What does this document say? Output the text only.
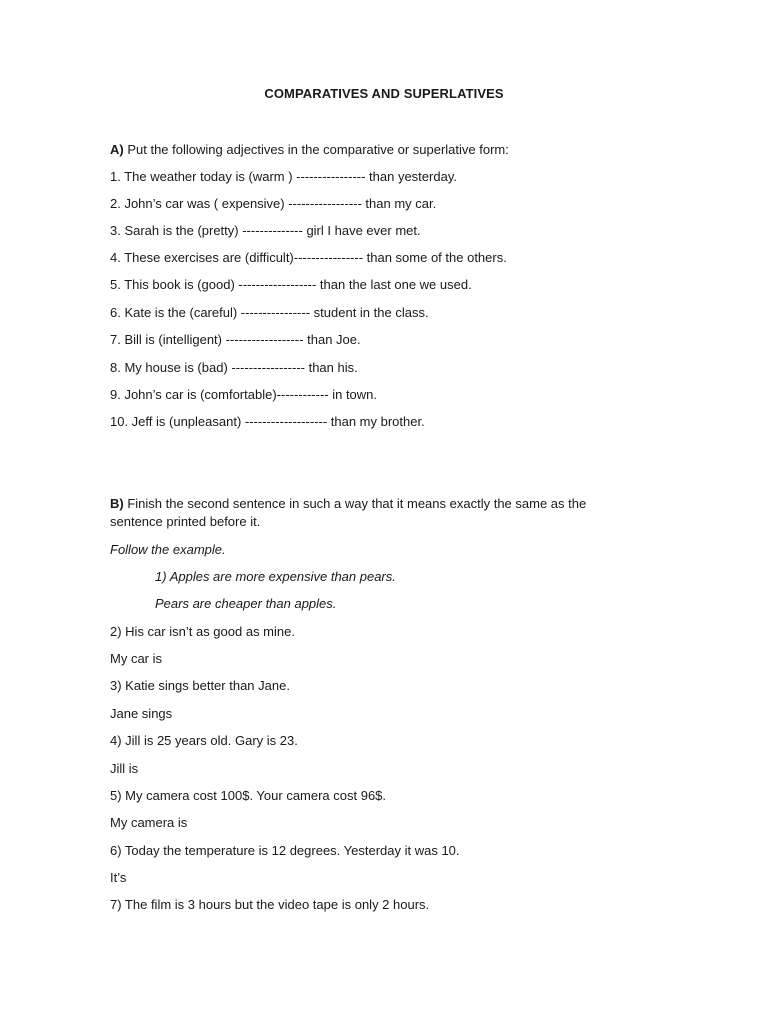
COMPARATIVES AND SUPERLATIVES
A) Put the following adjectives in the comparative or superlative form:
1. The weather today is (warm ) ---------------- than yesterday.
2. John’s car was ( expensive) ----------------- than my car.
3. Sarah is the (pretty) -------------- girl I have ever met.
4. These exercises are (difficult)---------------- than some of the others.
5. This book is (good) ------------------ than the last one we used.
6. Kate is the (careful) ---------------- student in the class.
7. Bill is (intelligent) ------------------ than Joe.
8. My house is (bad) ----------------- than his.
9. John’s car is (comfortable)------------ in town.
10. Jeff is (unpleasant) ------------------- than my brother.
B) Finish the second sentence in such a way that it means exactly the same as the sentence printed before it.
Follow the example.
1) Apples are more expensive than pears.
Pears are cheaper than apples.
2) His car isn’t as good as mine.
My car is
3) Katie sings better than Jane.
Jane sings
4) Jill is 25 years old. Gary is 23.
Jill is
5) My camera cost 100$. Your camera cost 96$.
My camera is
6) Today the temperature is 12 degrees. Yesterday it was 10.
It’s
7) The film is 3 hours but the video tape is only 2 hours.
